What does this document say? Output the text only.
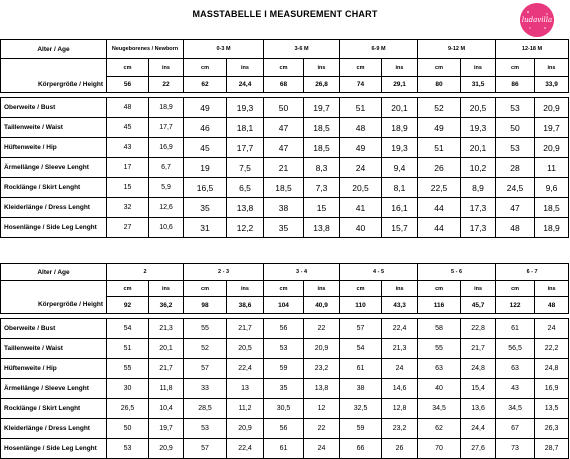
MASSTABELLE I MEASUREMENT CHART
ludavilla
Alter / Age	Neugeborenes / Newborn		0-3 M		3-6 M		6-9 M		9-12 M		12-18 M	
	cm	ins	cm	ins	cm	ins	cm	ins	cm	ins	cm	ins
Körpergröße / Height	56	22	62	24,4	68	26,8	74	29,1	80	31,5	86	33,9

Oberweite / Bust	48	18,9	49	19,3	50	19,7	51	20,1	52	20,5	53	20,9
Taillenweite / Waist	45	17,7	46	18,1	47	18,5	48	18,9	49	19,3	50	19,7
Hüftenweite / Hip	43	16,9	45	17,7	47	18,5	49	19,3	51	20,1	53	20,9
Ärmellänge / Sleeve Lenght	17	6,7	19	7,5	21	8,3	24	9,4	26	10,2	28	11
Rocklänge / Skirt Lenght	15	5,9	16,5	6,5	18,5	7,3	20,5	8,1	22,5	8,9	24,5	9,6
Kleiderlänge / Dress Lenght	32	12,6	35	13,8	38	15	41	16,1	44	17,3	47	18,5
Hosenlänge / Side Leg Lenght	27	10,6	31	12,2	35	13,8	40	15,7	44	17,3	48	18,9
Alter / Age	2		2 - 3		3 - 4		4 - 5		5 - 6		6 - 7	
	cm	ins	cm	ins	cm	ins	cm	ins	cm	ins	cm	ins
Körpergröße / Height	92	36,2	98	38,6	104	40,9	110	43,3	116	45,7	122	48

Oberweite / Bust	54	21,3	55	21,7	56	22	57	22,4	58	22,8	61	24
Taillenweite / Waist	51	20,1	52	20,5	53	20,9	54	21,3	55	21,7	56,5	22,2
Hüftenweite / Hip	55	21,7	57	22,4	59	23,2	61	24	63	24,8	63	24,8
Ärmellänge / Sleeve Lenght	30	11,8	33	13	35	13,8	38	14,6	40	15,4	43	16,9
Rocklänge / Skirt Lenght	26,5	10,4	28,5	11,2	30,5	12	32,5	12,8	34,5	13,6	34,5	13,5
Kleiderlänge / Dress Lenght	50	19,7	53	20,9	56	22	59	23,2	62	24,4	67	26,3
Hosenlänge / Side Leg Lenght	53	20,9	57	22,4	61	24	66	26	70	27,6	73	28,7
